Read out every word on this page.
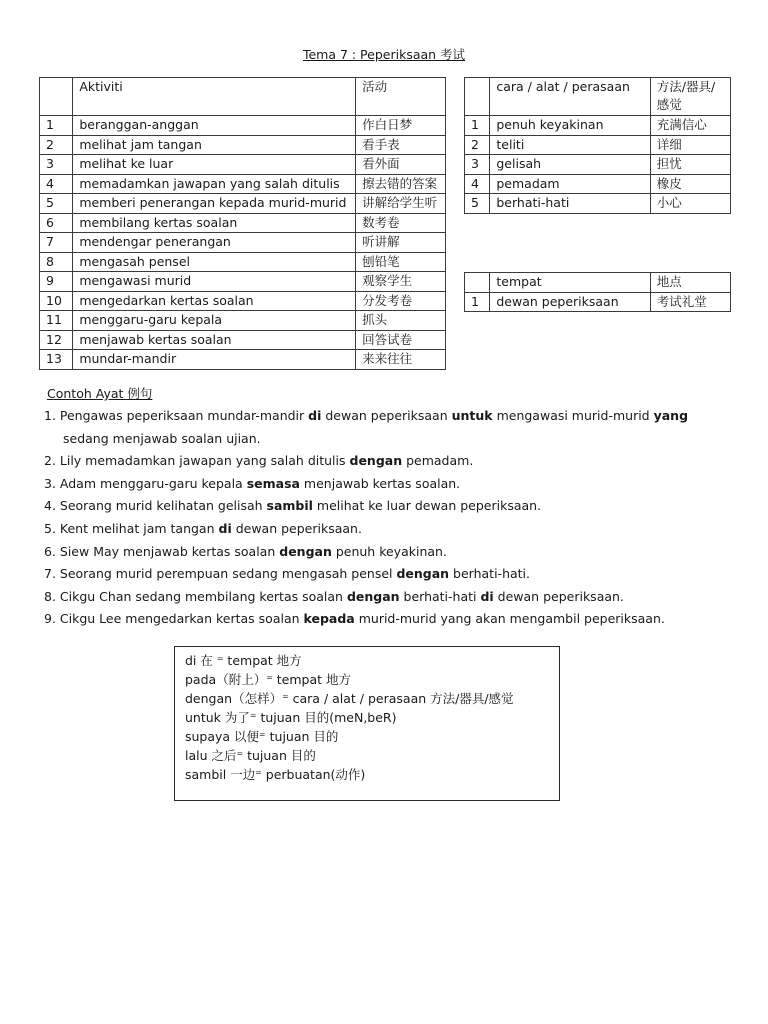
Tema 7 : Peperiksaan 考试
	Aktiviti	活动
1	beranggan-anggan	作白日梦
2	melihat jam tangan	看手表
3	melihat ke luar	看外面
4	memadamkan jawapan yang salah ditulis	擦去错的答案
5	memberi penerangan kepada murid-murid	讲解给学生听
6	membilang kertas soalan	数考卷
7	mendengar penerangan	听讲解
8	mengasah pensel	刨铅笔
9	mengawasi murid	观察学生
10	mengedarkan kertas soalan	分发考卷
11	menggaru-garu kepala	抓头
12	menjawab kertas soalan	回答试卷
13	mundar-mandir	来来往往
	cara / alat / perasaan	方法/器具/感觉
1	penuh keyakinan	充满信心
2	teliti	详细
3	gelisah	担忧
4	pemadam	橡皮
5	berhati-hati	小心
	tempat	地点
1	dewan peperiksaan	考试礼堂
Contoh Ayat 例句
1. Pengawas peperiksaan mundar-mandir di dewan peperiksaan untuk mengawasi murid-murid yang
sedang menjawab soalan ujian.
2. Lily memadamkan jawapan yang salah ditulis dengan pemadam.
3. Adam menggaru-garu kepala semasa menjawab kertas soalan.
4. Seorang murid kelihatan gelisah sambil melihat ke luar dewan peperiksaan.
5. Kent melihat jam tangan di dewan peperiksaan.
6. Siew May menjawab kertas soalan dengan penuh keyakinan.
7. Seorang murid perempuan sedang mengasah pensel dengan berhati-hati.
8. Cikgu Chan sedang membilang kertas soalan dengan berhati-hati di dewan peperiksaan.
9. Cikgu Lee mengedarkan kertas soalan kepada murid-murid yang akan mengambil peperiksaan.
di 在 ⁼ tempat 地方
pada（附上）⁼ tempat 地方
dengan（怎样）⁼ cara / alat / perasaan 方法/器具/感觉
untuk 为了⁼ tujuan 目的(meN,beR)
supaya 以便⁼ tujuan 目的
lalu 之后⁼ tujuan 目的
sambil 一边⁼ perbuatan(动作)
